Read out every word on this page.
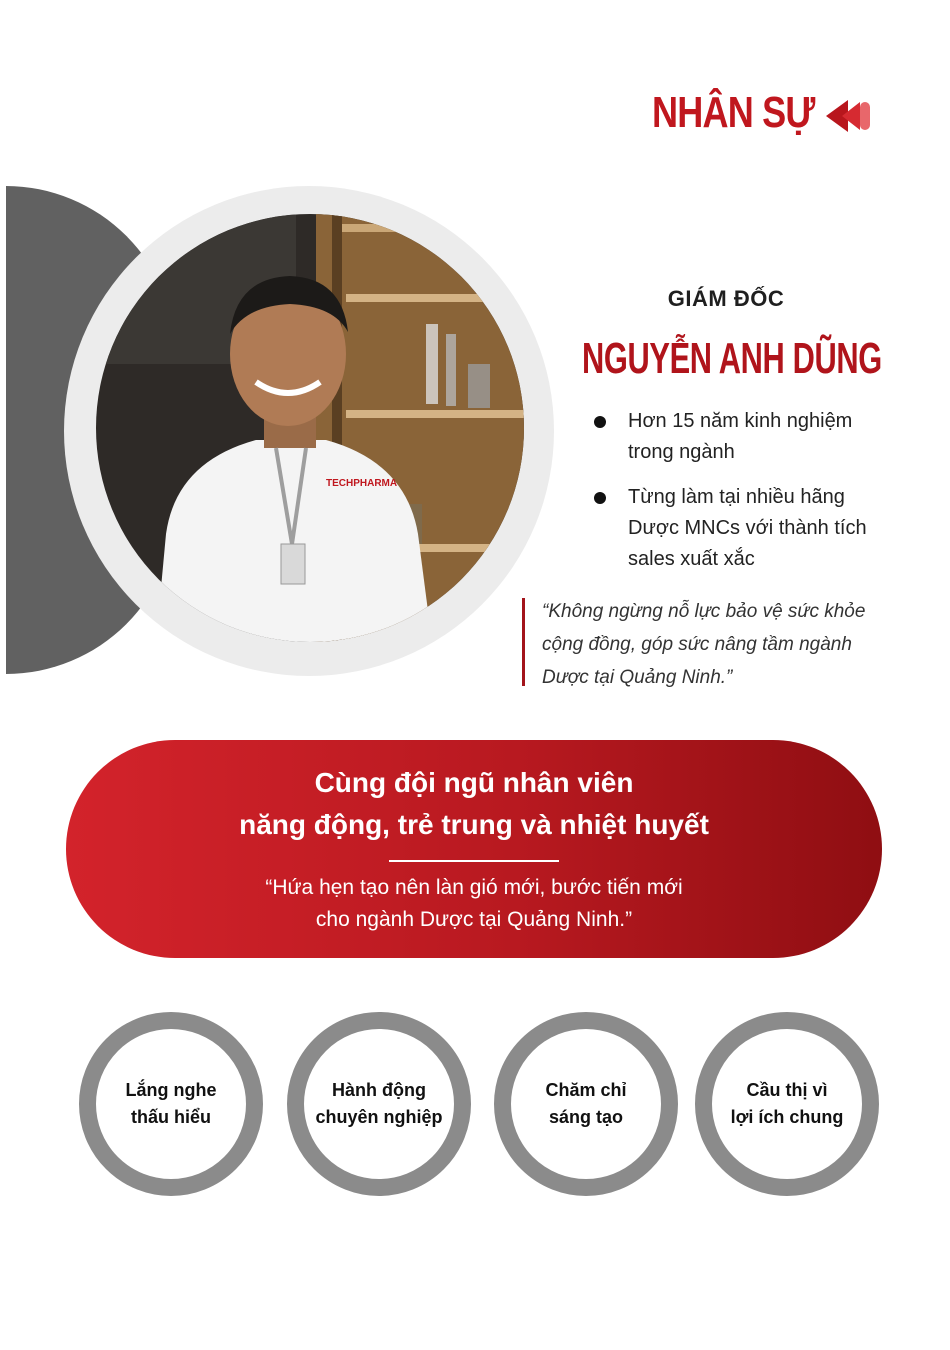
NHÂN SỰ
TECHPHARMA
GIÁM ĐỐC
NGUYỄN ANH DŨNG
Hơn 15 năm kinh nghiệm
trong ngành
Từng làm tại nhiều hãng
Dược MNCs với thành tích
sales xuất xắc
“Không ngừng nỗ lực bảo vệ sức khỏe
cộng đồng, góp sức nâng tầm ngành
Dược tại Quảng Ninh.”
Cùng đội ngũ nhân viên
năng động, trẻ trung và nhiệt huyết
“Hứa hẹn tạo nên làn gió mới, bước tiến mới
cho ngành Dược tại Quảng Ninh.”
Lắng nghe
thấu hiểu
Hành động
chuyên nghiệp
Chăm chỉ
sáng tạo
Cầu thị vì
lợi ích chung
